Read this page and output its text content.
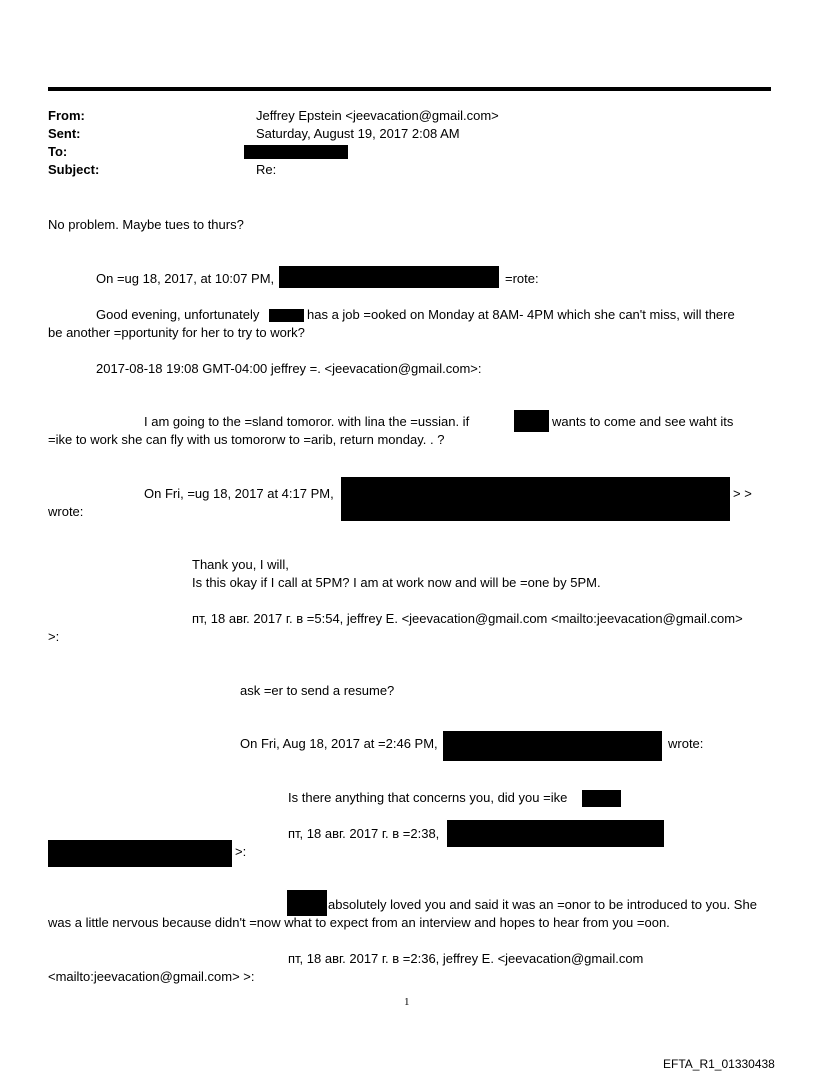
From:	Jeffrey Epstein <jeevacation@gmail.com>
Sent:	Saturday, August 19, 2017 2:08 AM
To:
Subject:	Re:
No problem. Maybe tues to thurs?
On =ug 18, 2017, at 10:07 PM,	=rote:
Good evening, unfortunately	has a job =ooked on Monday at 8AM- 4PM which she can't miss, will there
be another =pportunity for her to try to work?
2017-08-18 19:08 GMT-04:00 jeffrey =. <jeevacation@gmail.com>:
I am going to the =sland tomoror. with lina the =ussian. if	wants to come and see waht its
=ike to work she can fly with us tomororw to =arib, return monday. . ?
On Fri, =ug 18, 2017 at 4:17 PM,	> >
wrote:
Thank you, I will,
Is this okay if I call at 5PM? I am at work now and will be =one by 5PM.
пт, 18 авг. 2017 г. в =5:54, jeffrey E. <jeevacation@gmail.com <mailto:jeevacation@gmail.com>
>:
ask =er to send a resume?
On Fri, Aug 18, 2017 at =2:46 PM,	wrote:
Is there anything that concerns you, did you =ike
пт, 18 авг. 2017 г. в =2:38,
>:
absolutely loved you and said it was an =onor to be introduced to you. She
was a little nervous because didn't =now what to expect from an interview and hopes to hear from you =oon.
пт, 18 авг. 2017 г. в =2:36, jeffrey E. <jeevacation@gmail.com
<mailto:jeevacation@gmail.com> >:
1
EFTA_R1_01330438
